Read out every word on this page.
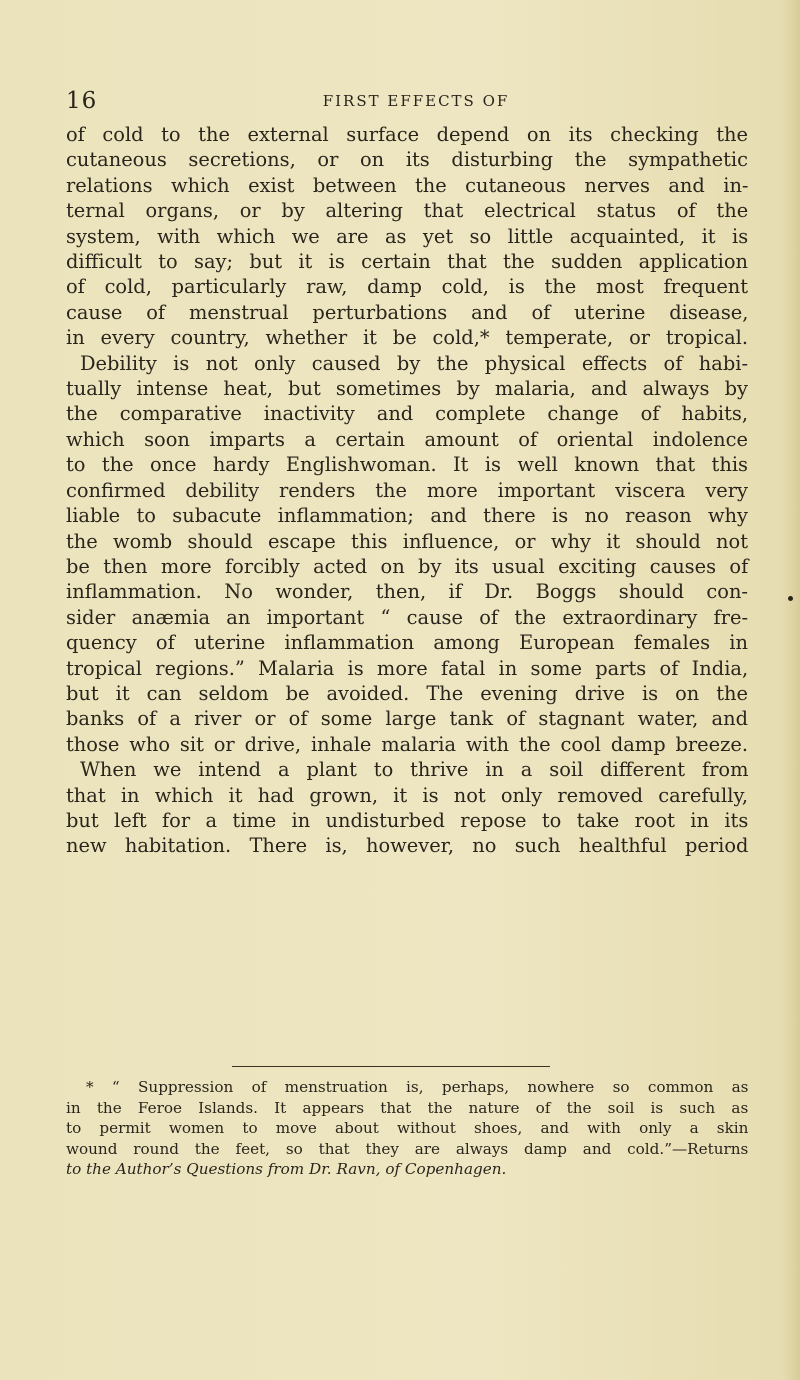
16	FIRST EFFECTS OF
of cold to the external surface depend on its checking the
cutaneous secretions, or on its disturbing the sympathetic
relations which exist between the cutaneous nerves and in-
ternal organs, or by altering that electrical status of the
system, with which we are as yet so little acquainted, it is
difficult to say; but it is certain that the sudden application
of cold, particularly raw, damp cold, is the most frequent
cause of menstrual perturbations and of uterine disease,
in every country, whether it be cold,* temperate, or tropical.
Debility is not only caused by the physical effects of habi-
tually intense heat, but sometimes by malaria, and always by
the comparative inactivity and complete change of habits,
which soon imparts a certain amount of oriental indolence
to the once hardy Englishwoman. It is well known that this
confirmed debility renders the more important viscera very
liable to subacute inflammation; and there is no reason why
the womb should escape this influence, or why it should not
be then more forcibly acted on by its usual exciting causes of
inflammation. No wonder, then, if Dr. Boggs should con-
sider anæmia an important “ cause of the extraordinary fre-
quency of uterine inflammation among European females in
tropical regions.” Malaria is more fatal in some parts of India,
but it can seldom be avoided. The evening drive is on the
banks of a river or of some large tank of stagnant water, and
those who sit or drive, inhale malaria with the cool damp breeze.
When we intend a plant to thrive in a soil different from
that in which it had grown, it is not only removed carefully,
but left for a time in undisturbed repose to take root in its
new habitation. There is, however, no such healthful period
* “ Suppression of menstruation is, perhaps, nowhere so common as
in the Feroe Islands. It appears that the nature of the soil is such as
to permit women to move about without shoes, and with only a skin
wound round the feet, so that they are always damp and cold.”—Returns
to the Author’s Questions from Dr. Ravn, of Copenhagen.
